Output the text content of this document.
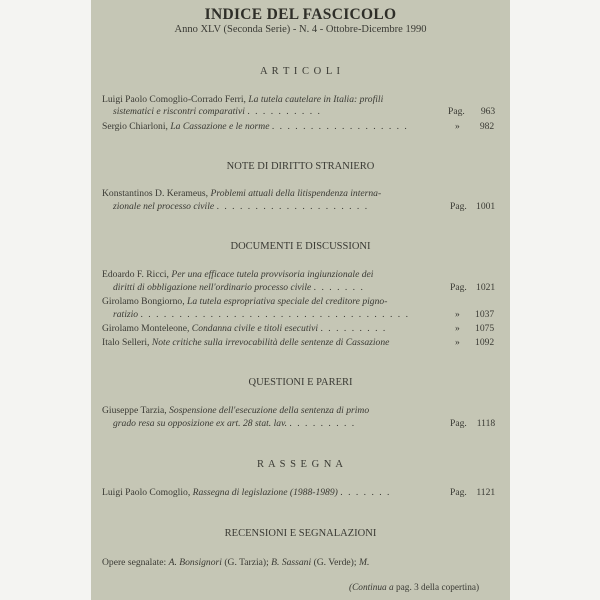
INDICE DEL FASCICOLO
Anno XLV (Seconda Serie) - N. 4 - Ottobre-Dicembre 1990
A R T I C O L I
Luigi Paolo Comoglio-Corrado Ferri, La tutela cautelare in Italia: profili
sistematici e riscontri comparativi . . . . . . . . . .	Pag. 963
Sergio Chiarloni, La Cassazione e le norme . . . . . . . . . . . . . . . . . .	» 982
NOTE DI DIRITTO STRANIERO
Konstantinos D. Kerameus, Problemi attuali della litispendenza interna-
zionale nel processo civile . . . . . . . . . . . . . . . . . . . .	Pag. 1001
DOCUMENTI E DISCUSSIONI
Edoardo F. Ricci, Per una efficace tutela provvisoria ingiunzionale dei
diritti di obbligazione nell'ordinario processo civile . . . . . . .	Pag. 1021
Girolamo Bongiorno, La tutela espropriativa speciale del creditore pigno-
ratizio . . . . . . . . . . . . . . . . . . . . . . . . . . . . . . . . . . .	» 1037
Girolamo Monteleone, Condanna civile e titoli esecutivi . . . . . . . . .	» 1075
Italo Selleri, Note critiche sulla irrevocabilità delle sentenze di Cassazione	» 1092
QUESTIONI E PARERI
Giuseppe Tarzia, Sospensione dell'esecuzione della sentenza di primo
grado resa su opposizione ex art. 28 stat. lav. . . . . . . . . .	Pag. 1118
R A S S E G N A
Luigi Paolo Comoglio, Rassegna di legislazione (1988-1989) . . . . . . .	Pag. 1121
RECENSIONI E SEGNALAZIONI
Opere segnalate: A. Bonsignori (G. Tarzia); B. Sassani (G. Verde); M.
(Continua a pag. 3 della copertina)
